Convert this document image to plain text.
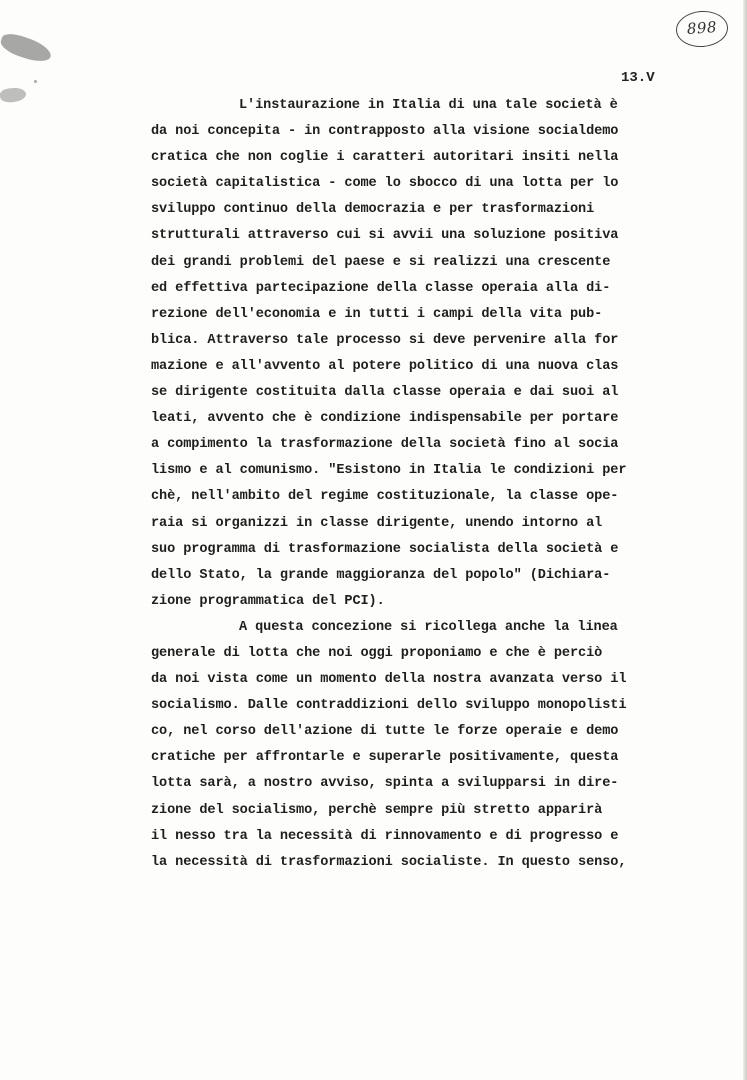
898
13.V
L'instaurazione in Italia di una tale società è
da noi concepita - in contrapposto alla visione socialdemo
cratica che non coglie i caratteri autoritari insiti nella
società capitalistica - come lo sbocco di una lotta per lo
sviluppo continuo della democrazia e per trasformazioni
strutturali attraverso cui si avvii una soluzione positiva
dei grandi problemi del paese e si realizzi una crescente
ed effettiva partecipazione della classe operaia alla di-
rezione dell'economia e in tutti i campi della vita pub-
blica. Attraverso tale processo si deve pervenire alla for
mazione e all'avvento al potere politico di una nuova clas
se dirigente costituita dalla classe operaia e dai suoi al
leati, avvento che è condizione indispensabile per portare
a compimento la trasformazione della società fino al socia
lismo e al comunismo. "Esistono in Italia le condizioni per
chè, nell'ambito del regime costituzionale, la classe ope-
raia si organizzi in classe dirigente, unendo intorno al
suo programma di trasformazione socialista della società e
dello Stato, la grande maggioranza del popolo" (Dichiara-
zione programmatica del PCI).
A questa concezione si ricollega anche la linea
generale di lotta che noi oggi proponiamo e che è perciò
da noi vista come un momento della nostra avanzata verso il
socialismo. Dalle contraddizioni dello sviluppo monopolisti
co, nel corso dell'azione di tutte le forze operaie e demo
cratiche per affrontarle e superarle positivamente, questa
lotta sarà, a nostro avviso, spinta a svilupparsi in dire-
zione del socialismo, perchè sempre più stretto apparirà
il nesso tra la necessità di rinnovamento e di progresso e
la necessità di trasformazioni socialiste. In questo senso,
